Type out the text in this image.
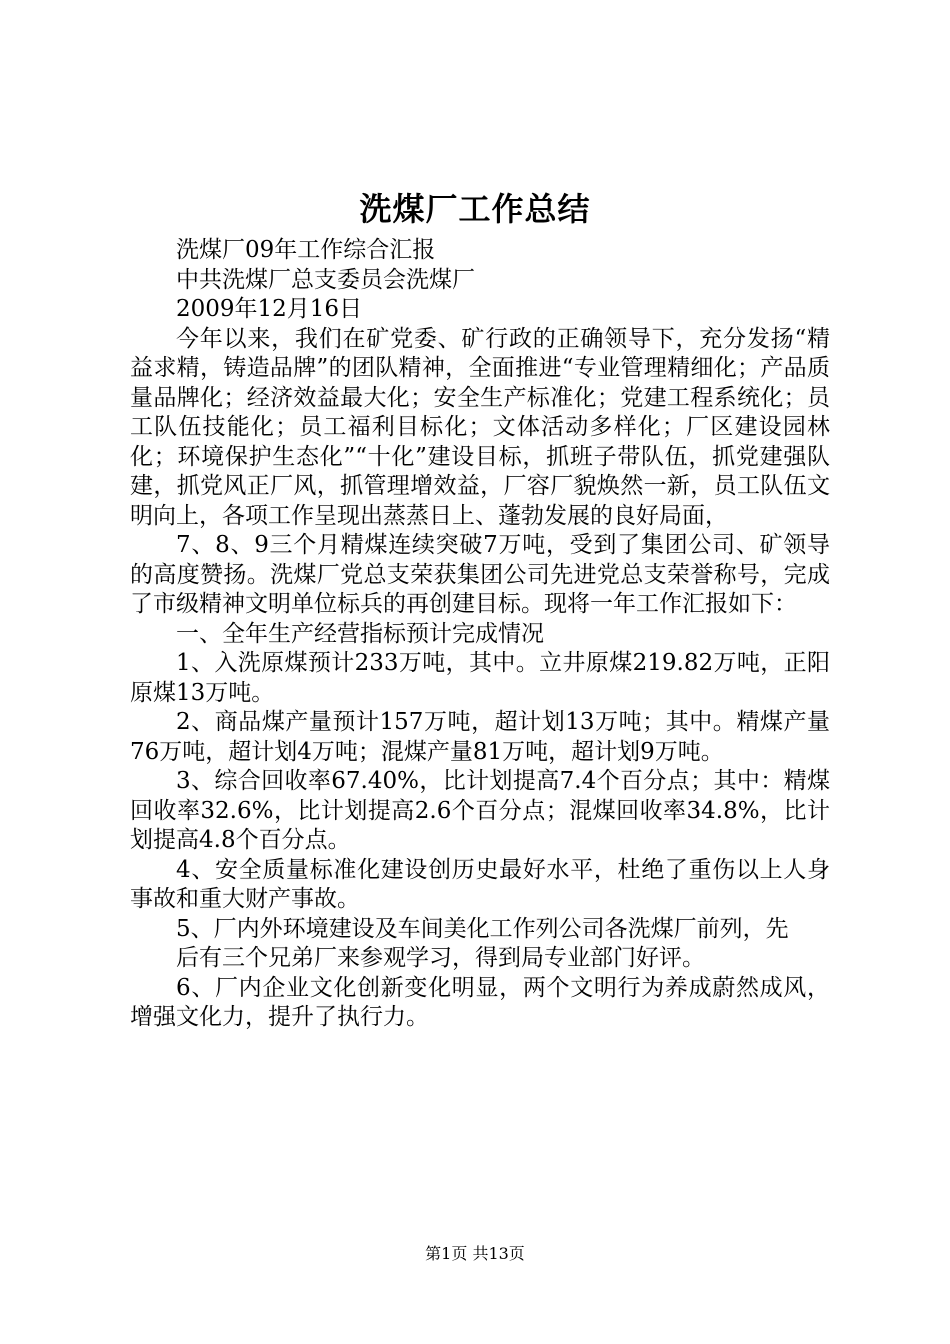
洗煤厂工作总结

洗煤厂09年工作综合汇报

中共洗煤厂总支委员会洗煤厂

2009年12月16日

今年以来，我们在矿党委、矿行政的正确领导下，充分发扬“精益求精，铸造品牌”的团队精神，全面推进“专业管理精细化；产品质量品牌化；经济效益最大化；安全生产标准化；党建工程系统化；员工队伍技能化；员工福利目标化；文体活动多样化；厂区建设园林化；环境保护生态化”“十化”建设目标，抓班子带队伍，抓党建强队建，抓党风正厂风，抓管理增效益，厂容厂貌焕然一新，员工队伍文明向上，各项工作呈现出蒸蒸日上、蓬勃发展的良好局面，

7、8、9三个月精煤连续突破7万吨，受到了集团公司、矿领导的高度赞扬。洗煤厂党总支荣获集团公司先进党总支荣誉称号，完成了市级精神文明单位标兵的再创建目标。现将一年工作汇报如下：

一、全年生产经营指标预计完成情况

1、入洗原煤预计233万吨，其中。立井原煤219.82万吨，正阳原煤13万吨。

2、商品煤产量预计157万吨，超计划13万吨；其中。精煤产量76万吨，超计划4万吨；混煤产量81万吨，超计划9万吨。

3、综合回收率67.40%，比计划提高7.4个百分点；其中：精煤回收率32.6%，比计划提高2.6个百分点；混煤回收率34.8%，比计划提高4.8个百分点。

4、安全质量标准化建设创历史最好水平，杜绝了重伤以上人身事故和重大财产事故。

5、厂内外环境建设及车间美化工作列公司各洗煤厂前列，先

后有三个兄弟厂来参观学习，得到局专业部门好评。

6、厂内企业文化创新变化明显，两个文明行为养成蔚然成风，增强文化力，提升了执行力。

第1页 共13页
